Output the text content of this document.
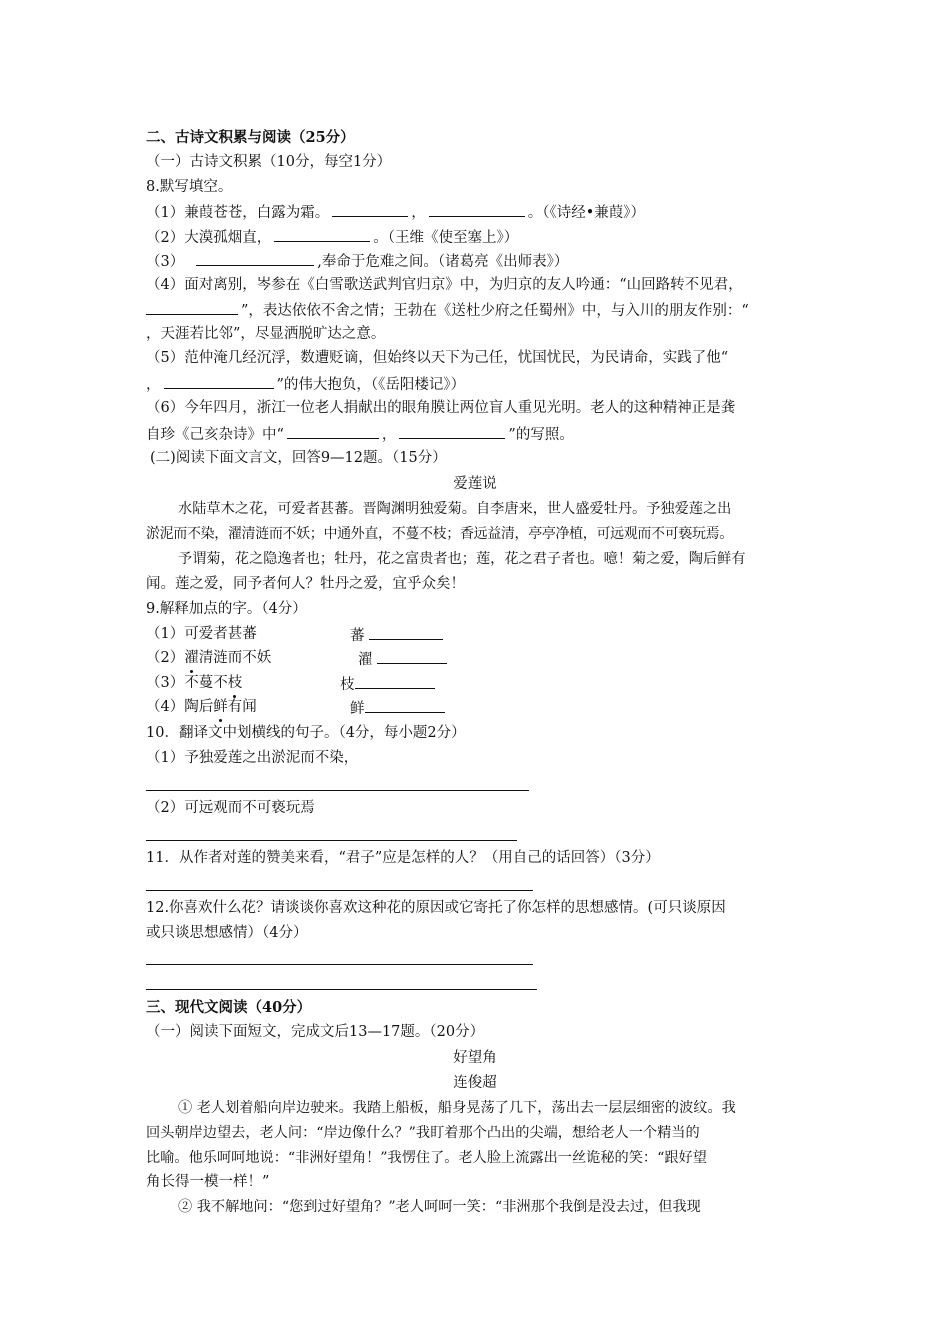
二、古诗文积累与阅读（25分）
（一）古诗文积累（10分，每空1分）
8.默写填空。
（1）兼葭苍苍，白露为霜。	，	。（《诗经•兼葭》）
（2）大漠孤烟直，	。（王维《使至塞上》）
（3）	,奉命于危难之间。（诸葛亮《出师表》）
（4）面对离别，岑参在《白雪歌送武判官归京》中，为归京的友人吟通：“山回路转不见君，
”，表达依依不舍之情；王勃在《送杜少府之任蜀州》中，与入川的朋友作别：“
，天涯若比邻”，尽显洒脱旷达之意。
（5）范仲淹几经沉浮，数遭贬谪，但始终以天下为己任，忧国忧民，为民请命，实践了他“
，	”的伟大抱负，（《岳阳楼记》）
（6）今年四月，浙江一位老人捐献出的眼角膜让两位盲人重见光明。老人的这种精神正是龚
自珍《己亥杂诗》中“	，	”的写照。
(二)阅读下面文言文，回答9—12题。（15分）
爱莲说
水陆草木之花，可爱者甚蕃。晋陶渊明独爱菊。自李唐来，世人盛爱牡丹。予独爱莲之出
淤泥而不染，濯清涟而不妖；中通外直，不蔓不枝；香远益清，亭亭净植，可远观而不可亵玩焉。
予谓菊，花之隐逸者也；牡丹，花之富贵者也；莲，花之君子者也。噫！菊之爱，陶后鲜有
闻。莲之爱，同予者何人？牡丹之爱，宜乎众矣！
9.解释加点的字。（4分）
（1）可爱者甚蕃	蕃
（2）濯清涟而不妖	濯
（3）不蔓不枝	枝
（4）陶后鲜有闻	鲜
10．翻译文中划横线的句子。（4分，每小题2分）
（1）予独爱莲之出淤泥而不染，
（2）可远观而不可亵玩焉
11．从作者对莲的赞美来看，“君子”应是怎样的人？（用自己的话回答）（3分）
12.你喜欢什么花？请谈谈你喜欢这种花的原因或它寄托了你怎样的思想感情。(可只谈原因
或只谈思想感情）（4分）
三、现代文阅读（40分）
（一）阅读下面短文，完成文后13—17题。（20分）
好望角
连俊超
① 老人划着船向岸边驶来。我踏上船板，船身晃荡了几下，荡出去一层层细密的波纹。我
回头朝岸边望去，老人问：“岸边像什么？”我盯着那个凸出的尖端，想给老人一个精当的
比喻。他乐呵呵地说：“非洲好望角！”我愣住了。老人脸上流露出一丝诡秘的笑：“跟好望
角长得一模一样！”
② 我不解地问：“您到过好望角？”老人呵呵一笑：“非洲那个我倒是没去过，但我现
